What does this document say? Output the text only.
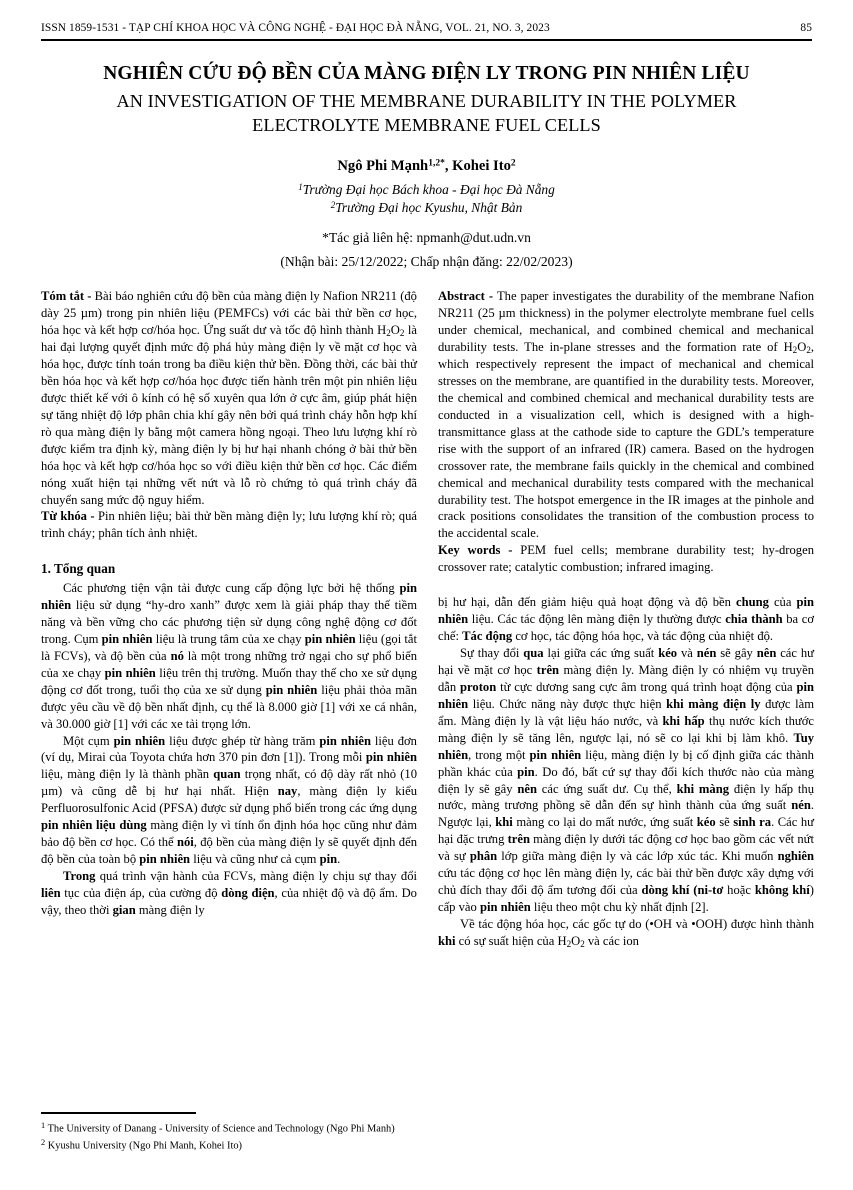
ISSN 1859-1531 - TẠP CHÍ KHOA HỌC VÀ CÔNG NGHỆ - ĐẠI HỌC ĐÀ NẴNG, VOL. 21, NO. 3, 2023	85
NGHIÊN CỨU ĐỘ BỀN CỦA MÀNG ĐIỆN LY TRONG PIN NHIÊN LIỆU
AN INVESTIGATION OF THE MEMBRANE DURABILITY IN THE POLYMER
ELECTROLYTE MEMBRANE FUEL CELLS
Ngô Phi Mạnh$^{1,2*}$, Kohei Ito$^2$
$^1$Trường Đại học Bách khoa - Đại học Đà Nẵng
$^2$Trường Đại học Kyushu, Nhật Bản
*Tác giả liên hệ: npmanh@dut.udn.vn
(Nhận bài: 25/12/2022; Chấp nhận đăng: 22/02/2023)

Tóm tắt - Bài báo nghiên cứu độ bền của màng điện ly Nafion NR211 (độ dày 25 µm) trong pin nhiên liệu (PEMFCs) với các bài thử bền cơ học, hóa học và kết hợp cơ/hóa học. Ứng suất dư và tốc độ hình thành $H_2O_2$ là hai đại lượng quyết định mức độ phá hủy màng điện ly về mặt cơ học và hóa học, được tính toán trong ba điều kiện thử bền. Đồng thời, các bài thử bền hóa học và kết hợp cơ/hóa học được tiến hành trên một pin nhiên liệu được thiết kế với ô kính có hệ số xuyên qua lớn ở cực âm, giúp phát hiện sự tăng nhiệt độ lớp phân chia khí gây nên bởi quá trình cháy hỗn hợp khí rò qua màng điện ly bằng một camera hồng ngoại. Theo lưu lượng khí rò được kiểm tra định kỳ, màng điện ly bị hư hại nhanh chóng ở bài thử bền hóa học và kết hợp cơ/hóa học so với điều kiện thử bền cơ học. Các điểm nóng xuất hiện tại những vết nứt và lỗ rò chứng tỏ quá trình cháy đã chuyển sang mức độ nguy hiểm.

Từ khóa - Pin nhiên liệu; bài thử bền màng điện ly; lưu lượng khí rò; quá trình cháy; phân tích ảnh nhiệt.

1. Tổng quan

Các phương tiện vận tải được cung cấp động lực bởi hệ thống pin nhiên liệu sử dụng “hy-dro xanh” được xem là giải pháp thay thế tiềm năng và bền vững cho các phương tiện sử dụng công nghệ động cơ đốt trong. Cụm pin nhiên liệu là trung tâm của xe chạy pin nhiên liệu (gọi tắt là FCVs), và độ bền của nó là một trong những trở ngại cho sự phổ biến của xe chạy pin nhiên liệu trên thị trường. Muốn thay thế cho xe sử dụng động cơ đốt trong, tuổi thọ của xe sử dụng pin nhiên liệu phải thỏa mãn được yêu cầu về độ bền nhất định, cụ thể là 8.000 giờ [1] với xe cá nhân, và 30.000 giờ [1] với các xe tải trọng lớn.

Một cụm pin nhiên liệu được ghép từ hàng trăm pin nhiên liệu đơn (ví dụ, Mirai của Toyota chứa hơn 370 pin đơn [1]). Trong mỗi pin nhiên liệu, màng điện ly là thành phần quan trọng nhất, có độ dày rất nhỏ (10 µm) và cũng dễ bị hư hại nhất. Hiện nay, màng điện ly kiểu Perfluorosulfonic Acid (PFSA) được sử dụng phổ biến trong các ứng dụng pin nhiên liệu dùng màng điện ly vì tính ổn định hóa học cũng như đảm bảo độ bền cơ học. Có thể nói, độ bền của màng điện ly sẽ quyết định đến độ bền của toàn bộ pin nhiên liệu và cũng như cả cụm pin.

Trong quá trình vận hành của FCVs, màng điện ly chịu sự thay đổi liên tục của điện áp, của cường độ dòng điện, của nhiệt độ và độ ẩm. Do vậy, theo thời gian màng điện ly

Abstract - The paper investigates the durability of the membrane Nafion NR211 (25 µm thickness) in the polymer electrolyte membrane fuel cells under chemical, mechanical, and combined chemical and mechanical durability tests. The in-plane stresses and the formation rate of $H_2O_2$, which respectively represent the impact of mechanical and chemical stresses on the membrane, are quantified in the durability tests. Moreover, the chemical and combined chemical and mechanical durability tests are conducted in a visualization cell, which is designed with a high-transmittance glass at the cathode side to capture the GDL’s temperature rise with the support of an infrared (IR) camera. Based on the hydrogen crossover rate, the membrane fails quickly in the chemical and combined chemical and mechanical durability tests compared with the mechanical durability test. The hotspot emergence in the IR images at the pinhole and crack positions consolidates the transition of the combustion process to the accidental scale.

Key words - PEM fuel cells; membrane durability test; hy-drogen crossover rate; catalytic combustion; infrared imaging.

bị hư hại, dẫn đến giảm hiệu quả hoạt động và độ bền chung của pin nhiên liệu. Các tác động lên màng điện ly thường được chia thành ba cơ chế: Tác động cơ học, tác động hóa học, và tác động của nhiệt độ.

Sự thay đổi qua lại giữa các ứng suất kéo và nén sẽ gây nên các hư hại về mặt cơ học trên màng điện ly. Màng điện ly có nhiệm vụ truyền dẫn proton từ cực dương sang cực âm trong quá trình hoạt động của pin nhiên liệu. Chức năng này được thực hiện khi màng điện ly được làm ẩm. Màng điện ly là vật liệu háo nước, và khi hấp thụ nước kích thước màng điện ly sẽ tăng lên, ngược lại, nó sẽ co lại khi bị làm khô. Tuy nhiên, trong một pin nhiên liệu, màng điện ly bị cố định giữa các thành phần khác của pin. Do đó, bất cứ sự thay đổi kích thước nào của màng điện ly sẽ gây nên các ứng suất dư. Cụ thể, khi màng điện ly hấp thụ nước, màng trương phồng sẽ dẫn đến sự hình thành của ứng suất nén. Ngược lại, khi màng co lại do mất nước, ứng suất kéo sẽ sinh ra. Các hư hại đặc trưng trên màng điện ly dưới tác động cơ học bao gồm các vết nứt và sự phân lớp giữa màng điện ly và các lớp xúc tác. Khi muốn nghiên cứu tác động cơ học lên màng điện ly, các bài thử bền được xây dựng với chủ đích thay đổi độ ẩm tương đối của dòng khí (ni-tơ hoặc không khí) cấp vào pin nhiên liệu theo một chu kỳ nhất định [2].

Về tác động hóa học, các gốc tự do (•OH và •OOH) được hình thành khi có sự suất hiện của $H_2O_2$ và các ion

$^1$ The University of Danang - University of Science and Technology (Ngo Phi Manh)
$^2$ Kyushu University (Ngo Phi Manh, Kohei Ito)
